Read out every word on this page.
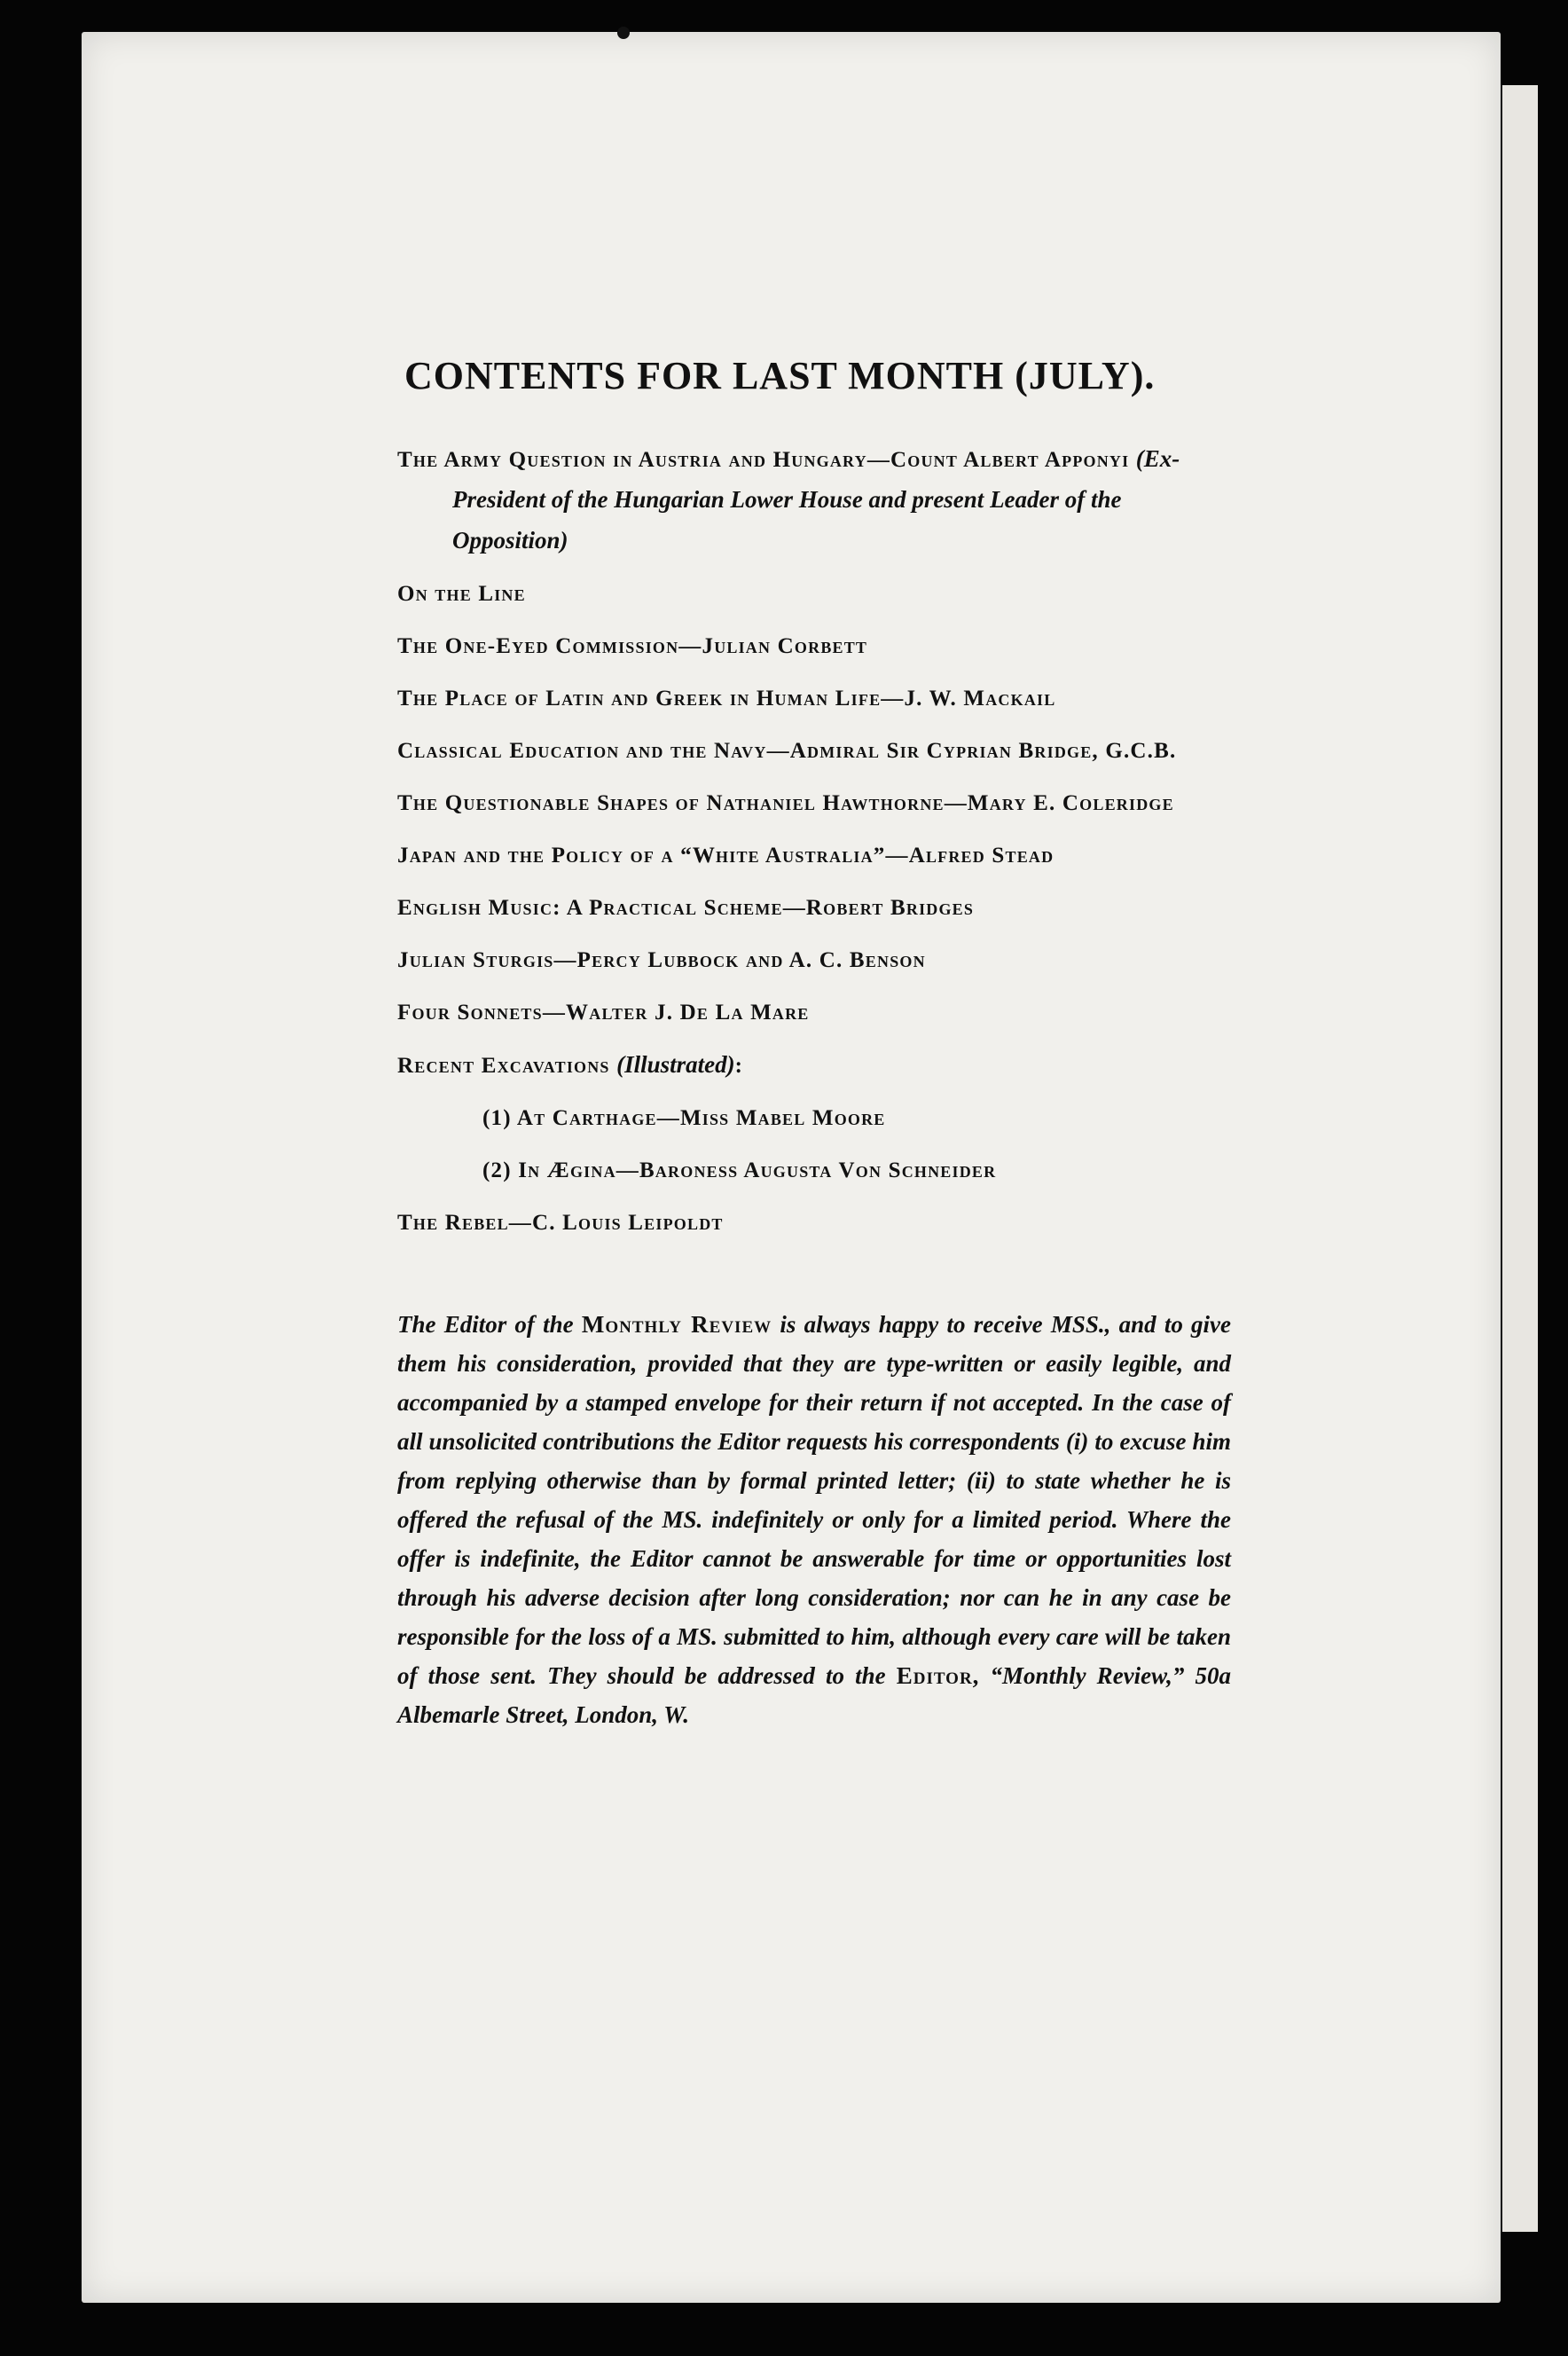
CONTENTS FOR LAST MONTH (JULY).
The Army Question in Austria and Hungary—Count Albert Apponyi (Ex-President of the Hungarian Lower House and present Leader of the Opposition)
On the Line
The One-Eyed Commission—Julian Corbett
The Place of Latin and Greek in Human Life—J. W. Mackail
Classical Education and the Navy—Admiral Sir Cyprian Bridge, G.C.B.
The Questionable Shapes of Nathaniel Hawthorne—Mary E. Coleridge
Japan and the Policy of a “White Australia”—Alfred Stead
English Music: A Practical Scheme—Robert Bridges
Julian Sturgis—Percy Lubbock and A. C. Benson
Four Sonnets—Walter J. De La Mare
Recent Excavations (Illustrated):
(1) At Carthage—Miss Mabel Moore
(2) In Ægina—Baroness Augusta Von Schneider
The Rebel—C. Louis Leipoldt

The Editor of the Monthly Review is always happy to receive MSS., and to give them his consideration, provided that they are type-written or easily legible, and accompanied by a stamped envelope for their return if not accepted. In the case of all unsolicited contributions the Editor requests his correspondents (i) to excuse him from replying otherwise than by formal printed letter; (ii) to state whether he is offered the refusal of the MS. indefinitely or only for a limited period. Where the offer is indefinite, the Editor cannot be answerable for time or opportunities lost through his adverse decision after long consideration; nor can he in any case be responsible for the loss of a MS. submitted to him, although every care will be taken of those sent. They should be addressed to the Editor, “Monthly Review,” 50a Albemarle Street, London, W.
